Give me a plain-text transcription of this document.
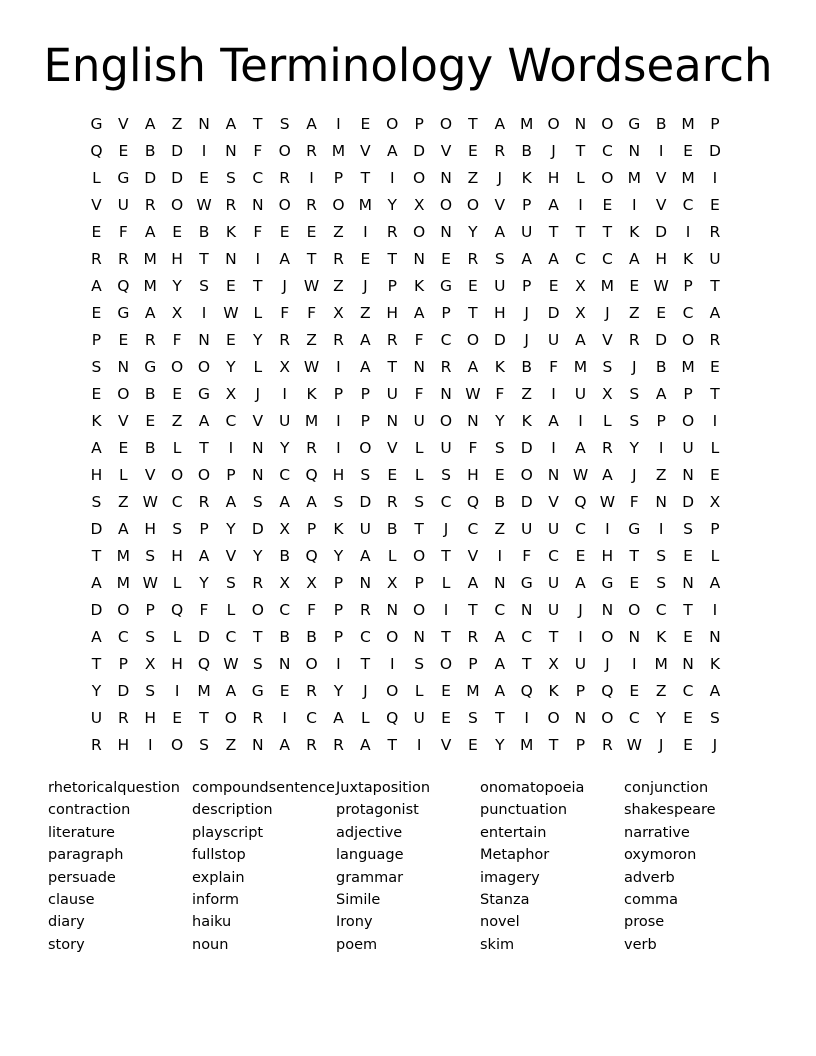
English Terminology Wordsearch
G	V	A	Z	N	A	T	S	A	I	E	O	P	O	T	A M O N O G	B M	P
Q	E	B	D	I	N	F	O R M V	A	D	V	E	R	B	J	T	C	N	I	E	D
L	G D D	E	S	C	R	I	P	T	I	O N	Z	J	K	H	L	O M V M	I
V	U	R O W R	N O R O M Y	X O O V	P	A	I	E	I	V	C	E
E	F	A	E	B	K	F	E	E	Z	I	R O N	Y	A	U	T	T	T	K	D	I	R
R	R M H	T	N	I	A	T	R	E	T	N	E	R	S	A	A	C	C	A	H	K	U
A Q M Y	S	E	T	J	W Z	J	P	K	G	E	U	P	E	X M E W P	T
E	G	A	X	I	W L	F	F	X	Z	H	A	P	T	H	J	D	X	J	Z	E	C	A
P	E	R	F	N	E	Y	R	Z	R	A	R	F	C O D	J	U	A	V	R	D O R
S	N G O O	Y	L	X W	I	A	T	N	R	A	K	B	F	M S	J	B M E
E	O B	E	G	X	J	I	K	P	P	U	F	N W F	Z	I	U	X	S	A	P	T
K	V	E	Z	A	C	V	U M	I	P	N U O N	Y	K	A	I	L	S	P	O	I
A	E	B	L	T	I	N	Y	R	I	O V	L	U	F	S	D	I	A	R	Y	I	U	L
H	L	V O O	P	N	C Q H	S	E	L	S	H	E	O N W A	J	Z	N	E
S	Z W C	R	A	S	A	A	S	D	R	S	C Q B	D	V Q W F	N D	X
D	A	H	S	P	Y	D	X	P	K	U	B	T	J	C	Z	U	U	C	I	G	I	S	P
T M S	H	A	V	Y	B Q	Y	A	L	O	T	V	I	F	C	E	H	T	S	E	L
A M W L	Y	S	R	X	X	P	N	X	P	L	A	N G U	A	G	E	S	N	A
D O	P	Q	F	L	O C	F	P	R	N O	I	T	C	N U	J	N O C	T	I
A	C	S	L	D	C	T	B	B	P	C O N	T	R	A	C	T	I	O N	K	E	N
T	P	X	H Q W S	N O	I	T	I	S	O	P	A	T	X	U	J	I	M N	K
Y	D	S	I	M A	G	E	R	Y	J	O	L	E M A Q	K	P	Q	E	Z	C	A
U	R	H	E	T	O R	I	C	A	L	Q U	E	S	T	I	O N O C	Y	E	S
R	H	I	O	S	Z	N	A	R	R	A	T	I	V	E	Y M T	P	R W	J	E	J
rhetoricalquestion
contraction
literature
paragraph
persuade
clause
diary
story
compoundsentence
description
playscript
fullstop
explain
inform
haiku
noun
Juxtaposition
protagonist
adjective
language
grammar
Simile
Irony
poem
onomatopoeia
punctuation
entertain
Metaphor
imagery
Stanza
novel
skim
conjunction
shakespeare
narrative
oxymoron
adverb
comma
prose
verb
